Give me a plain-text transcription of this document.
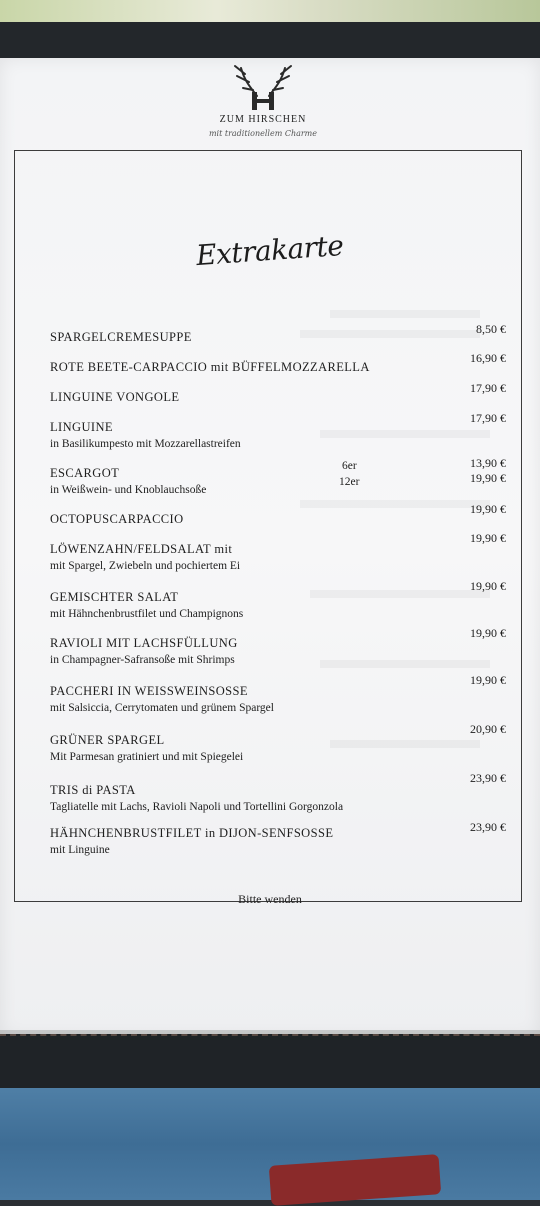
ZUM HIRSCHEN
mit traditionellem Charme
Extrakarte
SPARGELCREMESUPPE
8,50 €
ROTE BEETE-CARPACCIO mit BÜFFELMOZZARELLA
16,90 €
LINGUINE VONGOLE
17,90 €
LINGUINE
in Basilikumpesto mit Mozzarellastreifen
17,90 €
ESCARGOT
in Weißwein- und Knoblauchsoße
6er
12er
13,90 €
19,90 €
OCTOPUSCARPACCIO
19,90 €
LÖWENZAHN/FELDSALAT mit
mit Spargel, Zwiebeln und pochiertem Ei
19,90 €
GEMISCHTER SALAT
mit Hähnchenbrustfilet und Champignons
19,90 €
RAVIOLI MIT LACHSFÜLLUNG
in Champagner-Safransoße mit Shrimps
19,90 €
PACCHERI IN WEISSWEINSOSSE
mit Salsiccia, Cerrytomaten und grünem Spargel
19,90 €
GRÜNER SPARGEL
Mit Parmesan gratiniert und mit Spiegelei
20,90 €
TRIS di PASTA
Tagliatelle mit Lachs, Ravioli Napoli und Tortellini Gorgonzola
23,90 €
HÄHNCHENBRUSTFILET in DIJON-SENFSOSSE
mit Linguine
23,90 €
Bitte wenden
